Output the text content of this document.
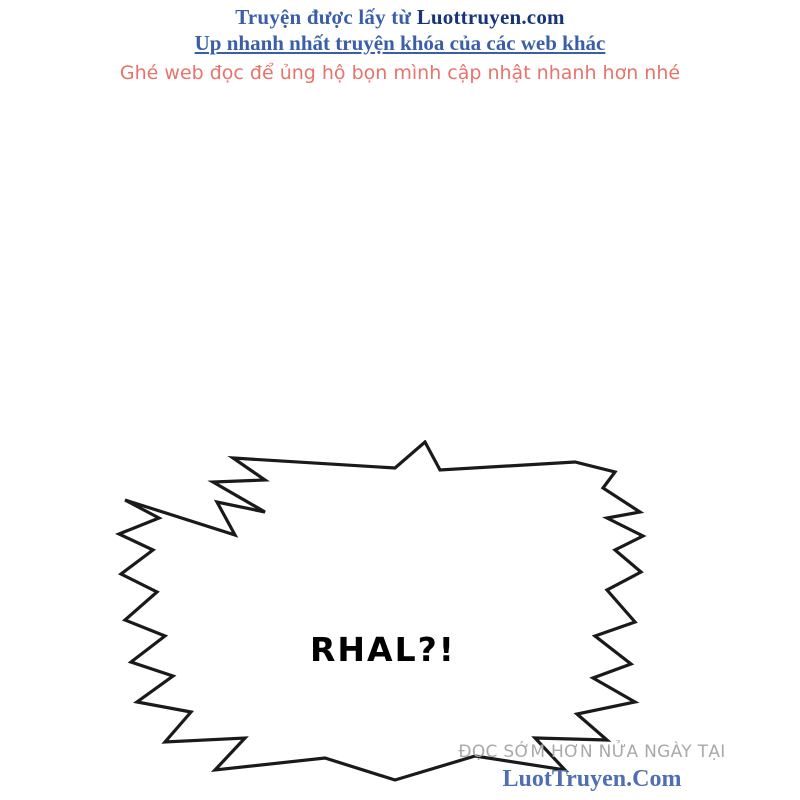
Truyện được lấy từ Luottruyen.com
Up nhanh nhất truyện khóa của các web khác
Ghé web đọc để ủng hộ bọn mình cập nhật nhanh hơn nhé
RHAL?!
ĐỌC SỚM HƠN NỬA NGÀY TẠI
LuotTruyen.Com
